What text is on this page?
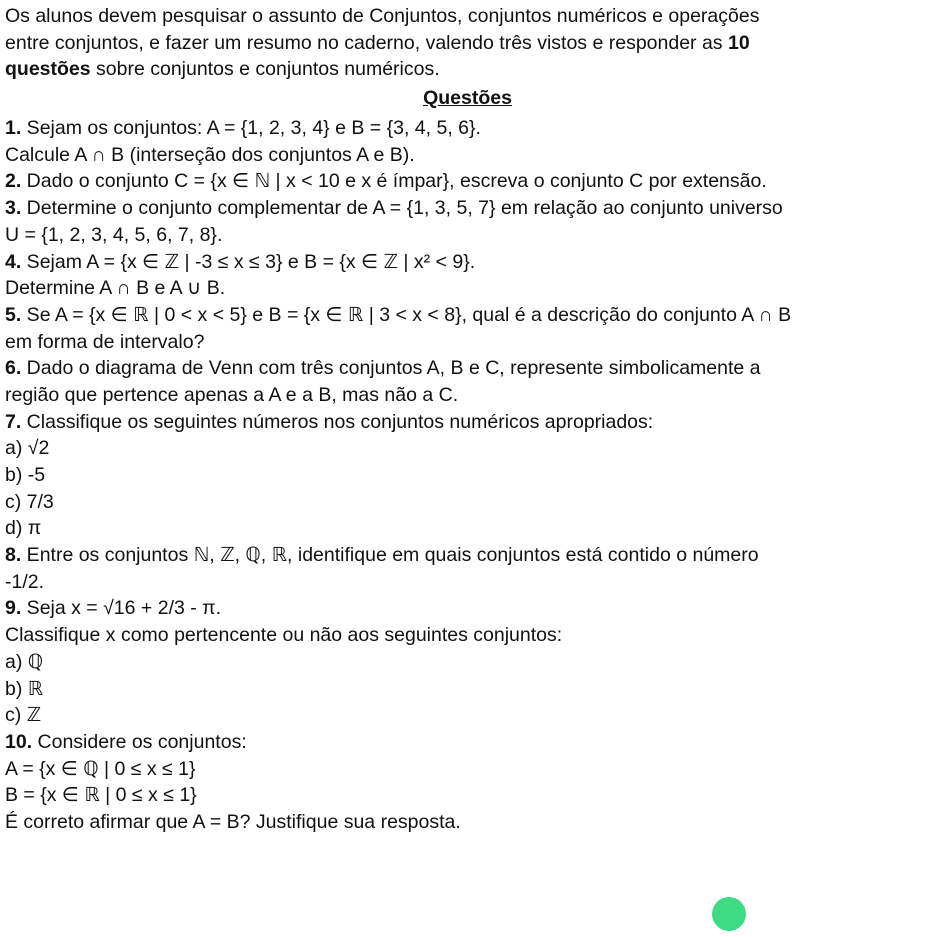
Os alunos devem pesquisar o assunto de Conjuntos, conjuntos numéricos e operações
entre conjuntos, e fazer um resumo no caderno, valendo três vistos e responder as 10
questões sobre conjuntos e conjuntos numéricos.
Questões
1. Sejam os conjuntos: A = {1, 2, 3, 4} e B = {3, 4, 5, 6}.
Calcule A ∩ B (interseção dos conjuntos A e B).
2. Dado o conjunto C = {x ∈ ℕ | x < 10 e x é ímpar}, escreva o conjunto C por extensão.
3. Determine o conjunto complementar de A = {1, 3, 5, 7} em relação ao conjunto universo
U = {1, 2, 3, 4, 5, 6, 7, 8}.
4. Sejam A = {x ∈ ℤ | -3 ≤ x ≤ 3} e B = {x ∈ ℤ | x² < 9}.
Determine A ∩ B e A ∪ B.
5. Se A = {x ∈ ℝ | 0 < x < 5} e B = {x ∈ ℝ | 3 < x < 8}, qual é a descrição do conjunto A ∩ B
em forma de intervalo?
6. Dado o diagrama de Venn com três conjuntos A, B e C, represente simbolicamente a
região que pertence apenas a A e a B, mas não a C.
7. Classifique os seguintes números nos conjuntos numéricos apropriados:
a) √2
b) -5
c) 7/3
d) π
8. Entre os conjuntos ℕ, ℤ, ℚ, ℝ, identifique em quais conjuntos está contido o número
-1/2.
9. Seja x = √16 + 2/3 - π.
Classifique x como pertencente ou não aos seguintes conjuntos:
a) ℚ
b) ℝ
c) ℤ
10. Considere os conjuntos:
A = {x ∈ ℚ | 0 ≤ x ≤ 1}
B = {x ∈ ℝ | 0 ≤ x ≤ 1}
É correto afirmar que A = B? Justifique sua resposta.
